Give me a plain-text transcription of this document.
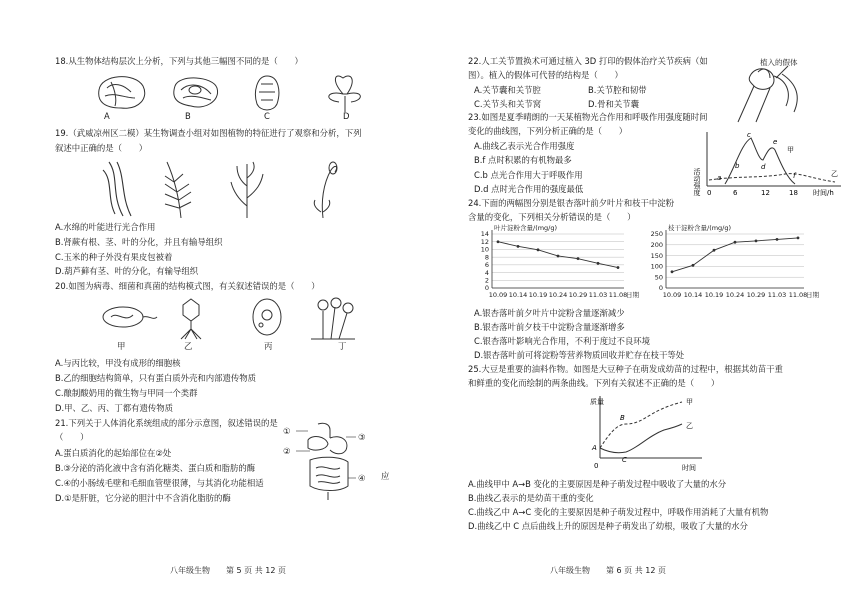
18.从生物体结构层次上分析，下列与其他三幅图不同的是（　　）
A	B	C	D
19.（武威凉州区二模）某生物调查小组对如图植物的特征进行了观察和分析，下列
叙述中正确的是（　　）
A.水绵的叶能进行光合作用
B.肾蕨有根、茎、叶的分化，并且有输导组织
C.玉米的种子外没有果皮包被着
D.葫芦藓有茎、叶的分化，有输导组织
20.如图为病毒、细菌和真菌的结构模式图，有关叙述错误的是（　　）
甲	乙	丙	丁
A.与丙比较，甲没有成形的细胞核
B.乙的细胞结构简单，只有蛋白质外壳和内部遗传物质
C.酿制酸奶用的微生物与甲同一个类群
D.甲、乙、丙、丁都有遗传物质
21.下列关于人体消化系统组成的部分示意图，叙述错误的是
（　　）
A.蛋白质消化的起始部位在②处
B.③分泌的消化液中含有消化糖类、蛋白质和脂肪的酶
C.④的小肠绒毛壁和毛细血管壁很薄，与其消化功能相适
D.①是肝脏，它分泌的胆汁中不含消化脂肪的酶
应
①
②
③
④
八年级生物　　第 5 页 共 12 页
22.人工关节置换术可通过植入 3D 打印的假体治疗关节疾病（如
图）。植入的假体可代替的结构是（　　）
A.关节囊和关节腔	B.关节腔和韧带
C.关节头和关节窝	D.骨和关节囊
植入的假体
23.如图是夏季晴朗的一天某植物光合作用和呼吸作用强度随时间
变化的曲线图，下列分析正确的是（　　）
A.曲线乙表示光合作用强度
B.f 点时积累的有机物最多
C.b 点光合作用大于呼吸作用
D.d 点时光合作用的强度最低	活动强度 0	6	12	18 时间/h
a
b
c
d
e
f
甲
乙
24.下面的两幅图分别是银杏落叶前夕叶片和枝干中淀粉
含量的变化，下列相关分析错误的是（　　）
0
2
4
6
8
10
12
14
叶片淀粉含量/(mg/g)
10.09 10.14 10.19 10.24 10.29 11.03 11.08
日期
0
50
100
150
200
250
枝干淀粉含量/(mg/g)
10.09 10.14 10.19 10.24 10.29 11.03 11.08
日期
A.银杏落叶前夕叶片中淀粉含量逐渐减少
B.银杏落叶前夕枝干中淀粉含量逐渐增多
C.银杏落叶影响光合作用，不利于度过不良环境
D.银杏落叶前可将淀粉等营养物质回收并贮存在枝干等处
25.大豆是重要的油料作物。如图是大豆种子在萌发成幼苗的过程中，根据其幼苗干重
和鲜重的变化而绘制的两条曲线。下列有关叙述不正确的是（　　）
质量
时间
甲
乙
A
B
C
0
A.曲线甲中 A→B 变化的主要原因是种子萌发过程中吸收了大量的水分
B.曲线乙表示的是幼苗干重的变化
C.曲线乙中 A→C 变化的主要原因是种子萌发过程中，呼吸作用消耗了大量有机物
D.曲线乙中 C 点后曲线上升的原因是种子萌发出了幼根，吸收了大量的水分
八年级生物　　第 6 页 共 12 页
